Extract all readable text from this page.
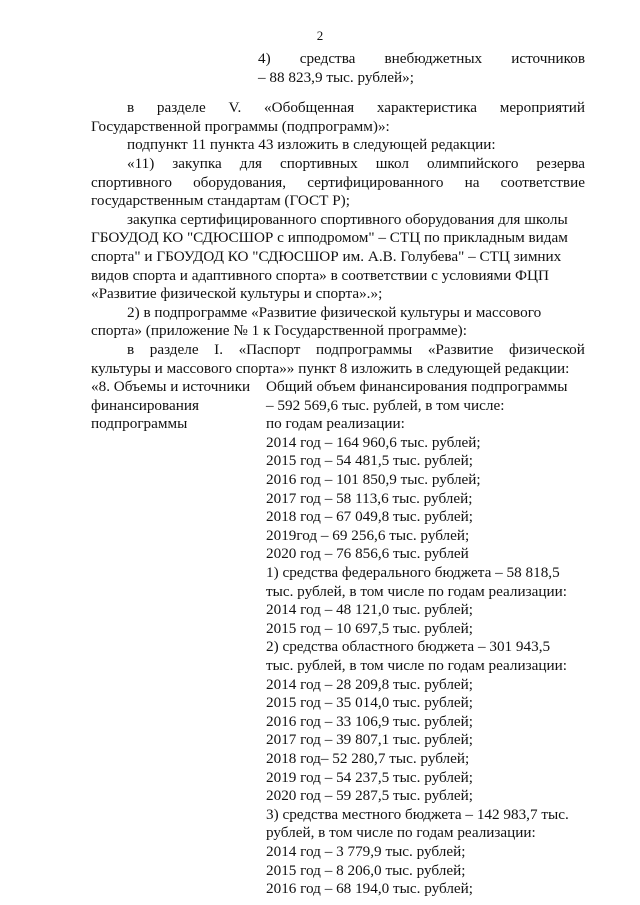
2
4) средства внебюджетных источников
– 88 823,9 тыс. рублей»;
в разделе V. «Обобщенная характеристика мероприятий
Государственной программы (подпрограмм)»:
подпункт 11 пункта 43 изложить в следующей редакции:
«11) закупка для спортивных школ олимпийского резерва
спортивного оборудования, сертифицированного на соответствие
государственным стандартам (ГОСТ Р);
закупка сертифицированного спортивного оборудования для школы
ГБОУДОД КО "СДЮСШОР с ипподромом" – СТЦ по прикладным видам
спорта" и ГБОУДОД КО "СДЮСШОР им. А.В. Голубева" – СТЦ зимних
видов спорта и адаптивного спорта» в соответствии с условиями ФЦП
«Развитие физической культуры и спорта».»;
2) в подпрограмме «Развитие физической культуры и массового
спорта» (приложение № 1 к Государственной программе):
в разделе I. «Паспорт подпрограммы «Развитие физической
культуры и массового спорта»» пункт 8 изложить в следующей редакции:
«8. Объемы и источники
финансирования
подпрограммы
Общий объем финансирования подпрограммы
– 592 569,6 тыс. рублей, в том числе:
по годам реализации:
2014 год – 164 960,6 тыс. рублей;
2015 год – 54 481,5 тыс. рублей;
2016 год – 101 850,9 тыс. рублей;
2017 год – 58 113,6 тыс. рублей;
2018 год – 67 049,8 тыс. рублей;
2019год – 69 256,6 тыс. рублей;
2020 год – 76 856,6 тыс. рублей
1) средства федерального бюджета – 58 818,5
тыс. рублей, в том числе по годам реализации:
2014 год – 48 121,0 тыс. рублей;
2015 год – 10 697,5 тыс. рублей;
2) средства областного бюджета – 301 943,5
тыс. рублей, в том числе по годам реализации:
2014 год – 28 209,8 тыс. рублей;
2015 год – 35 014,0 тыс. рублей;
2016 год – 33 106,9 тыс. рублей;
2017 год – 39 807,1 тыс. рублей;
2018 год– 52 280,7 тыс. рублей;
2019 год – 54 237,5 тыс. рублей;
2020 год – 59 287,5 тыс. рублей;
3) средства местного бюджета – 142 983,7 тыс.
рублей, в том числе по годам реализации:
2014 год – 3 779,9 тыс. рублей;
2015 год – 8 206,0 тыс. рублей;
2016 год – 68 194,0 тыс. рублей;
